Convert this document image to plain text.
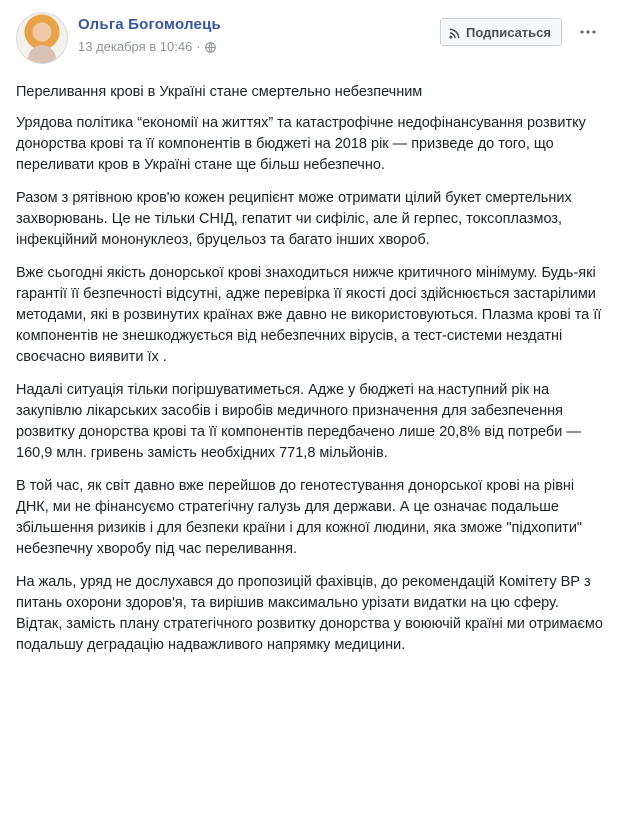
Ольга Богомолець
13 декабря в 10:46 ·
Подписаться

Переливання крові в Україні стане смертельно небезпечним

Урядова політика “економії на життях” та катастрофічне недофінансування розвитку донорства крові та її компонентів в бюджеті на 2018 рік — призведе до того, що переливати кров в Україні стане ще більш небезпечно.

Разом з рятівною кров'ю кожен реципієнт може отримати цілий букет смертельних захворювань. Це не тільки СНІД, гепатит чи сифіліс, але й герпес, токсоплазмоз, інфекційний мононуклеоз, бруцельоз та багато інших хвороб.

Вже сьогодні якість донорської крові знаходиться нижче критичного мінімуму. Будь-які гарантії її безпечності відсутні, адже перевірка її якості досі здійснюється застарілими методами, які в розвинутих країнах вже давно не використовуються. Плазма крові та її компонентів не знешкоджується від небезпечних вірусів, а тест-системи нездатні своєчасно виявити їх .

Надалі ситуація тільки погіршуватиметься. Адже у бюджеті на наступний рік на закупівлю лікарських засобів і виробів медичного призначення для забезпечення розвитку донорства крові та її компонентів передбачено лише 20,8% від потреби — 160,9 млн. гривень замість необхідних 771,8 мільйонів.

В той час, як світ давно вже перейшов до генотестування донорської крові на рівні ДНК, ми не фінансуємо стратегічну галузь для держави. А це означає подальше збільшення ризиків і для безпеки країни і для кожної людини, яка зможе "підхопити" небезпечну хворобу під час переливання.

На жаль, уряд не дослухався до пропозицій фахівців, до рекомендацій Комітету ВР з питань охорони здоров'я, та вирішив максимально урізати видатки на цю сферу. Відтак, замість плану стратегічного розвитку донорства у воюючій країні ми отримаємо подальшу деградацію надважливого напрямку медицини.
